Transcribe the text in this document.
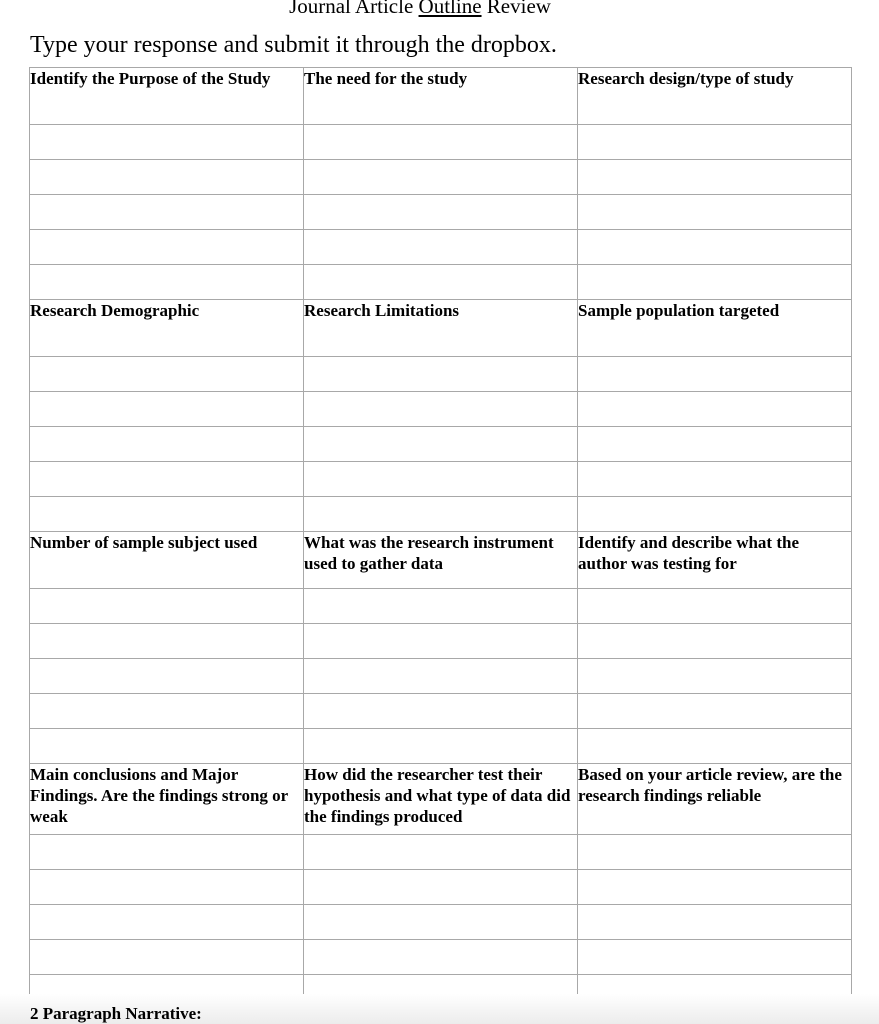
Journal Article Outline Review
Type your response and submit it through the dropbox.
Identify the Purpose of the Study	The need for the study	Research design/type of study

Research Demographic	Research Limitations	Sample population targeted

Number of sample subject used	What was the research instrument used to gather data	Identify and describe what the author was testing for

Main conclusions and Major Findings. Are the findings strong or weak	How did the researcher test their hypothesis and what type of data did the findings produced	Based on your article review, are the research findings reliable

2 Paragraph Narrative:
